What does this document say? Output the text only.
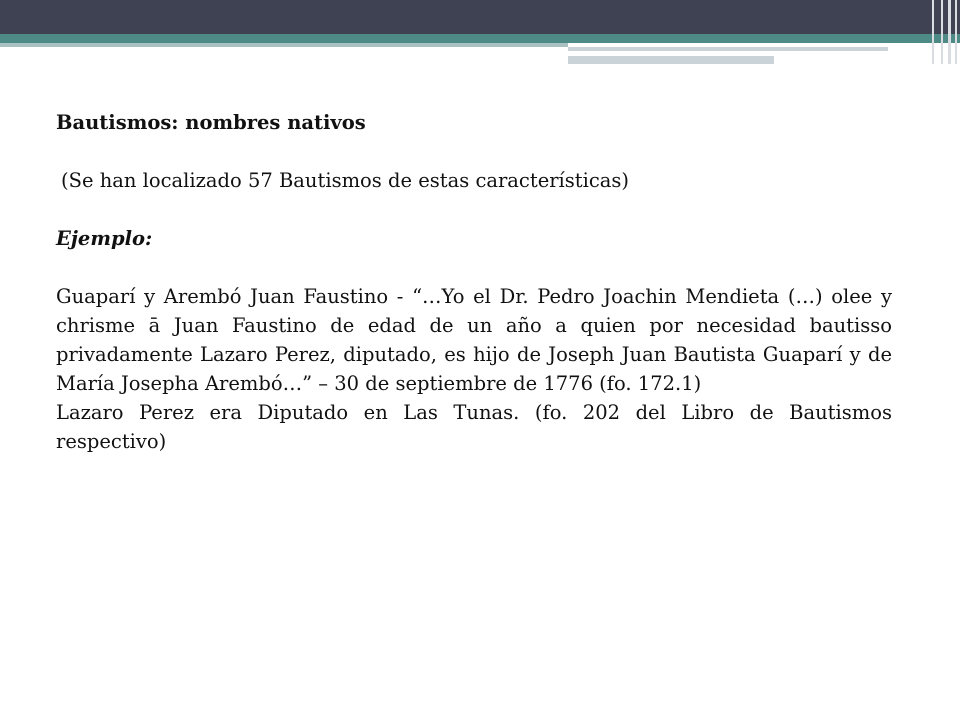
Bautismos: nombres nativos

(Se han localizado 57 Bautismos de estas características)

Ejemplo:

Guaparí y Arembó Juan Faustino - “…Yo el Dr. Pedro Joachin Mendieta (…) olee y chrisme ā Juan Faustino de edad de un año a quien por necesidad bautisso privadamente Lazaro Perez, diputado, es hijo de Joseph Juan Bautista Guaparí y de María Josepha Arembó…” – 30 de septiembre de 1776 (fo. 172.1)

Lazaro Perez era Diputado en Las Tunas. (fo. 202 del Libro de Bautismos respectivo)
